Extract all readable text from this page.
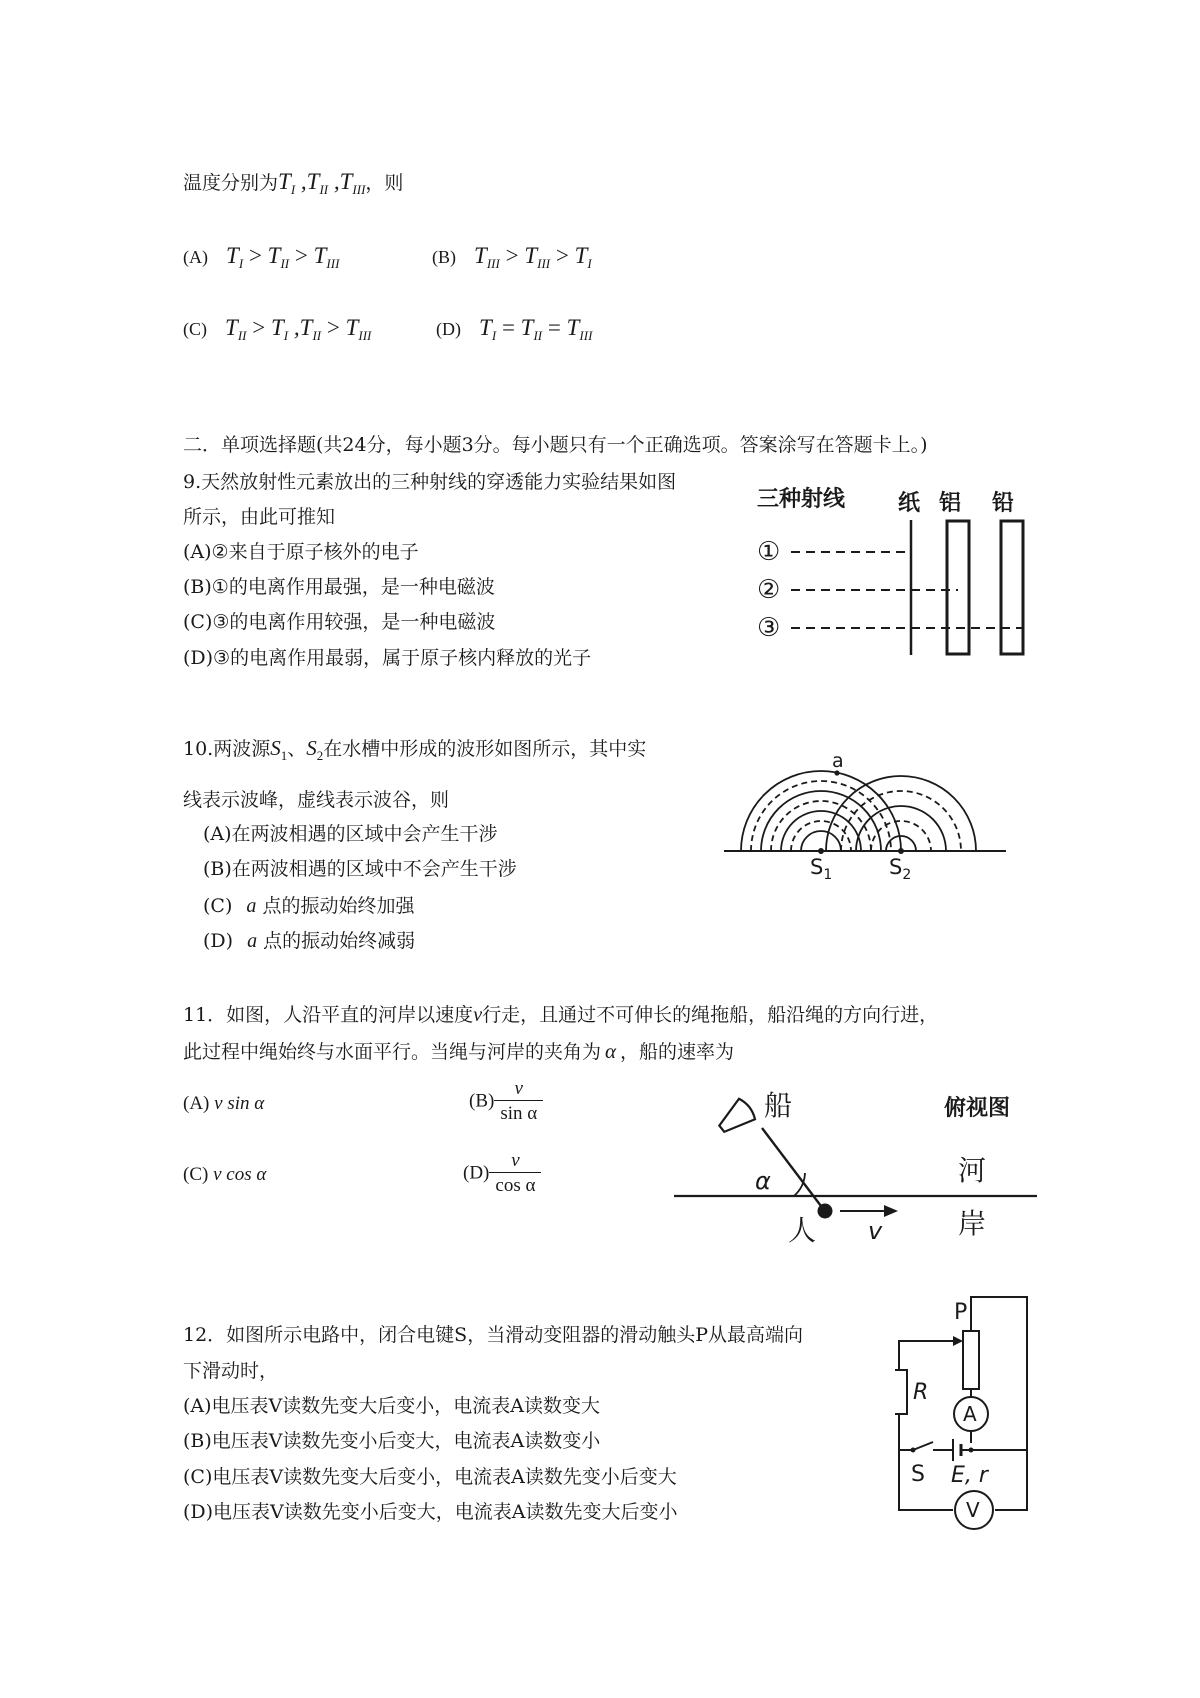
温度分别为$T_I$ $,T_{II}$ $,T_{III}$，则
(A) $T_I > T_{II} > T_{III}$	(B) $T_{III} > T_{III} > T_I$
(C) $T_{II} > T_I$ $,T_{II} > T_{III}$	(D) $T_I = T_{II} = T_{III}$
二．单项选择题(共24分，每小题3分。每小题只有一个正确选项。答案涂写在答题卡上。)
9.天然放射性元素放出的三种射线的穿透能力实验结果如图
所示，由此可推知
(A)②来自于原子核外的电子
(B)①的电离作用最强，是一种电磁波
(C)③的电离作用较强，是一种电磁波
(D)③的电离作用最弱，属于原子核内释放的光子
三种射线 纸 铝 铅
①
②
③
10.两波源$S_1$、$S_2$在水槽中形成的波形如图所示，其中实
线表示波峰，虚线表示波谷，则
(A)在两波相遇的区域中会产生干涉
(B)在两波相遇的区域中不会产生干涉
(C) a 点的振动始终加强
(D) a 点的振动始终减弱
a
$S_1$	$S_2$
11．如图，人沿平直的河岸以速度v行走，且通过不可伸长的绳拖船，船沿绳的方向行进，
此过程中绳始终与水面平行。当绳与河岸的夹角为 α ，船的速率为
(A) v sin α	$(B) \frac{v}{\text{sin α}}$
(C) v cos α	$(D) \frac{v}{\text{cos α}}$
船	俯视图
河
岸
人
α
v
12．如图所示电路中，闭合电键S，当滑动变阻器的滑动触头P从最高端向
下滑动时，
(A)电压表V读数先变大后变小，电流表A读数变大
(B)电压表V读数先变小后变大，电流表A读数变小
(C)电压表V读数先变大后变小，电流表A读数先变小后变大
(D)电压表V读数先变小后变大，电流表A读数先变大后变小
P
R
A
V
S E, r
